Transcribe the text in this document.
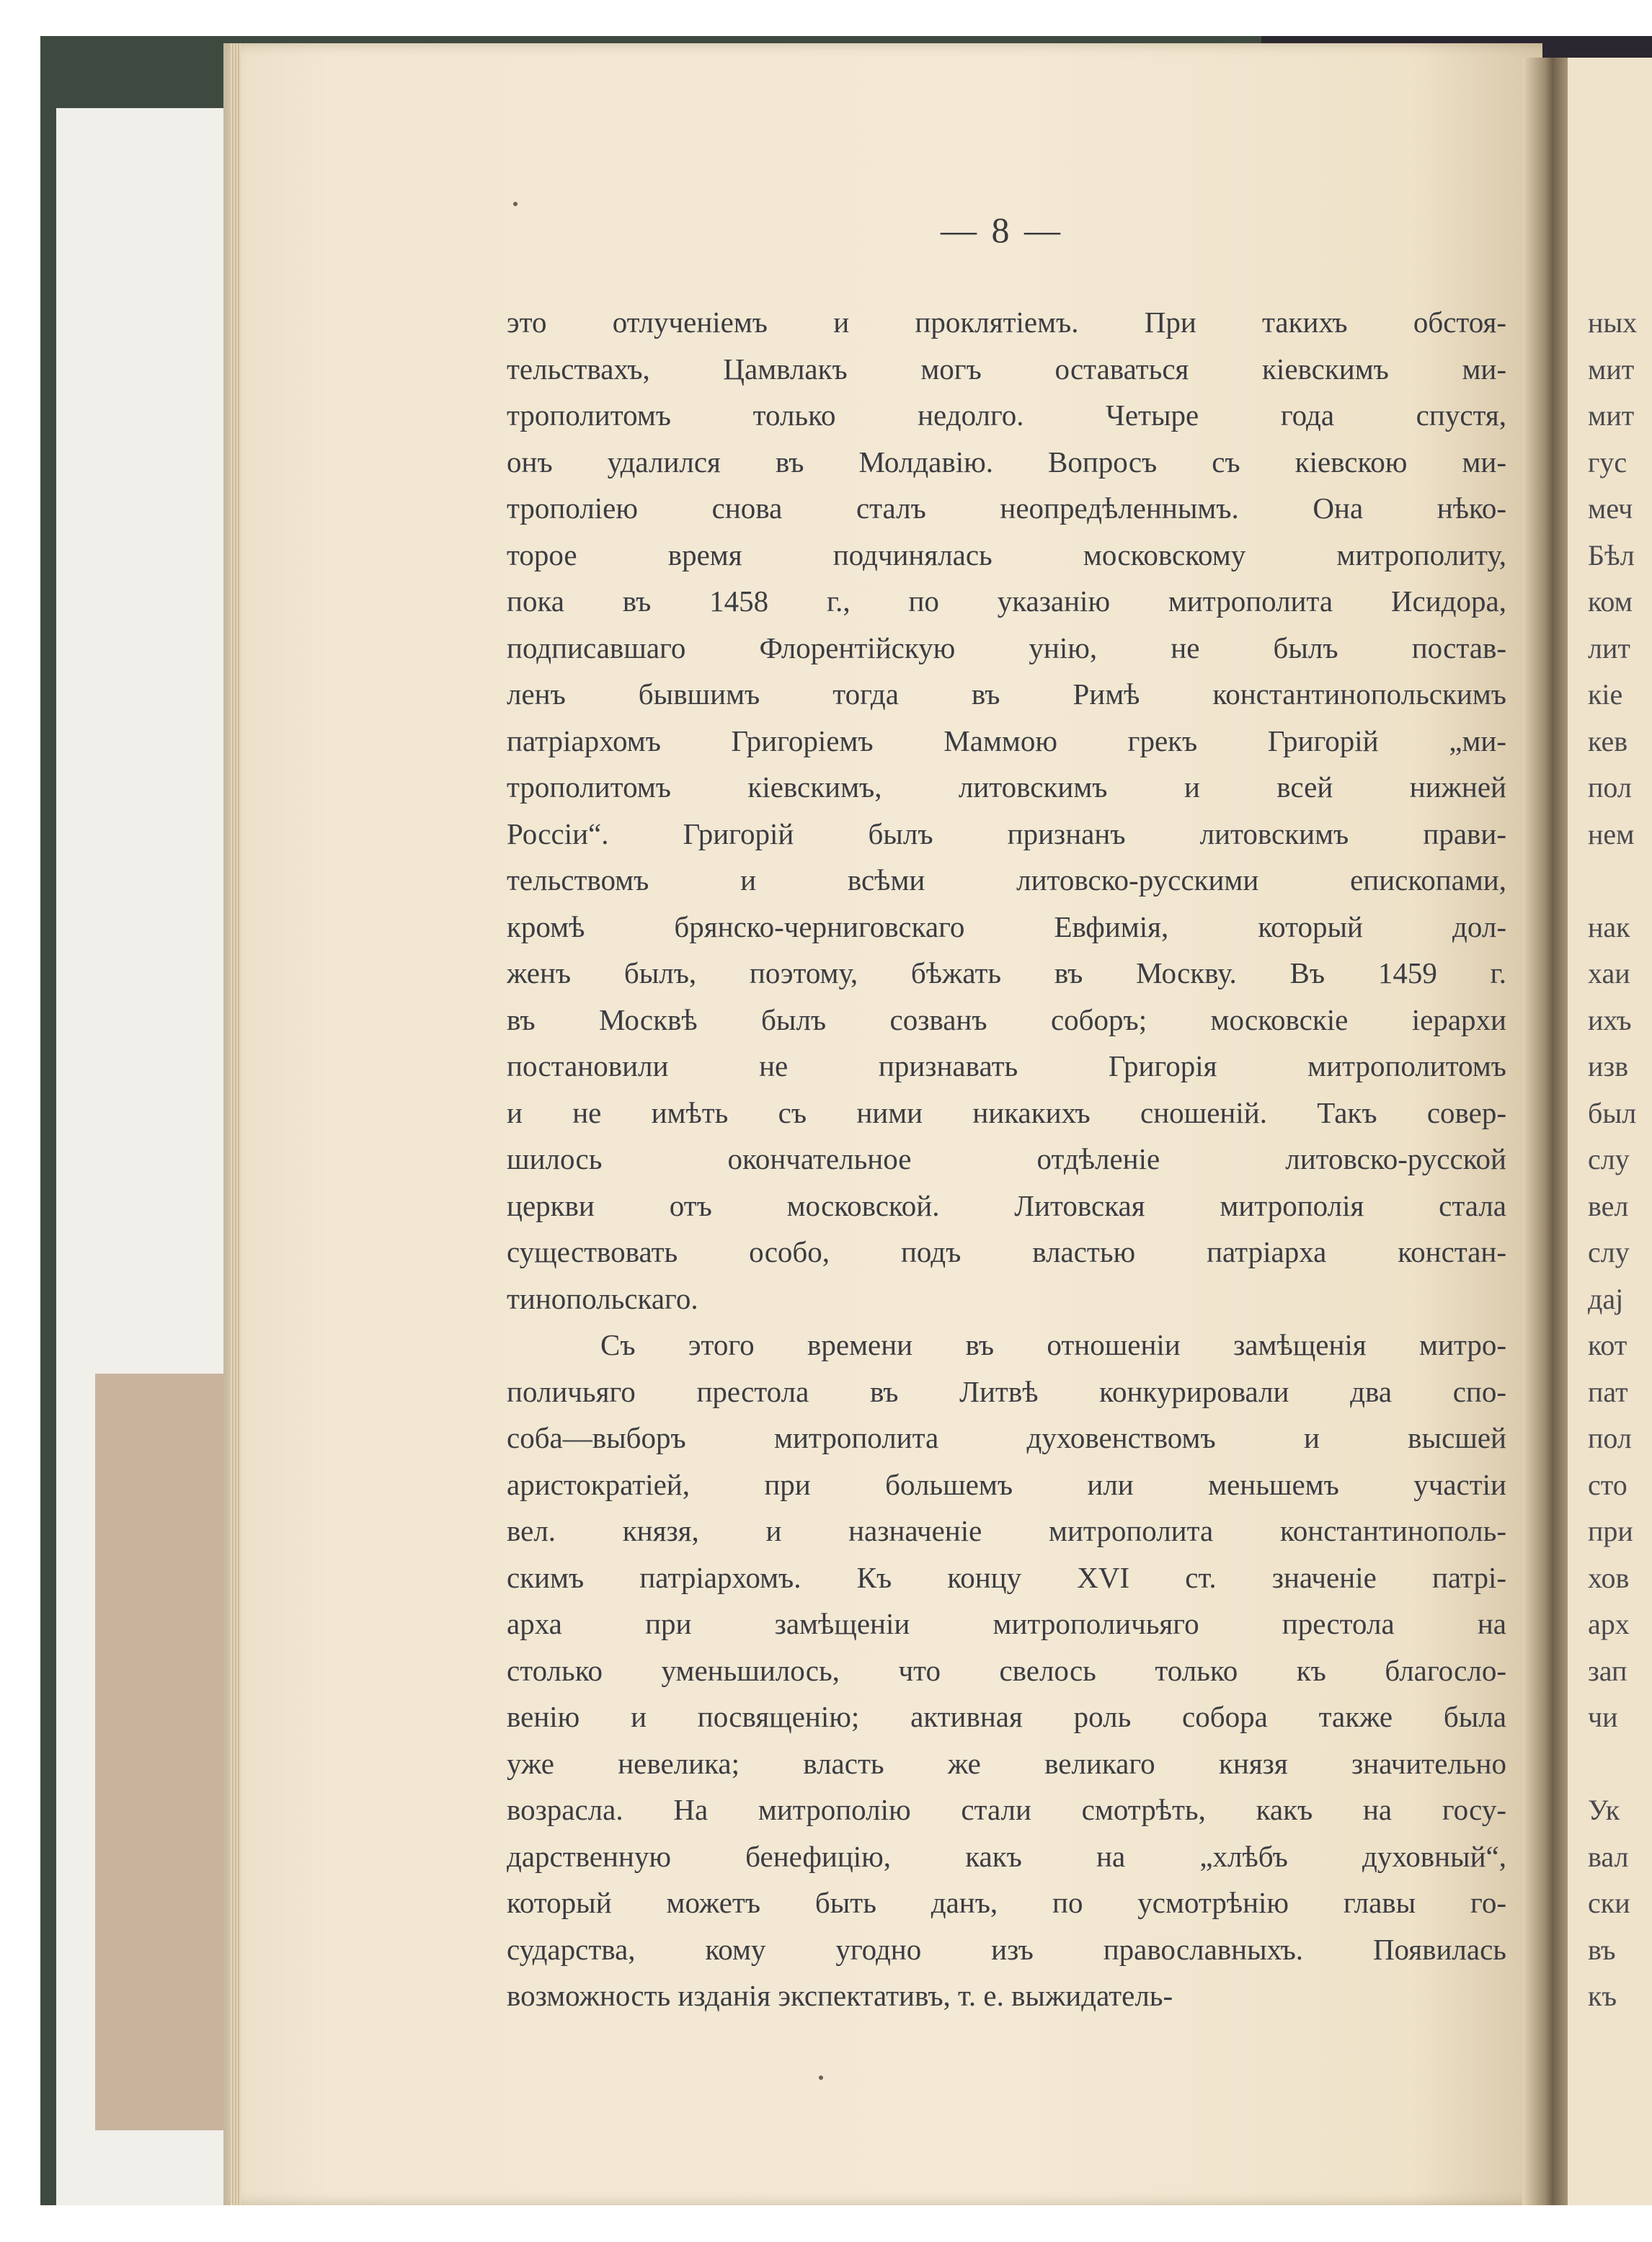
— 8 —
это отлученіемъ и проклятіемъ. При такихъ обстоя-
тельствахъ, Цамвлакъ могъ оставаться кіевскимъ ми-
трополитомъ только недолго. Четыре года спустя,
онъ удалился въ Молдавію. Вопросъ съ кіевскою ми-
трополіею снова сталъ неопредѣленнымъ. Она нѣко-
торое время подчинялась московскому митрополиту,
пока въ 1458 г., по указанію митрополита Исидора,
подписавшаго Флорентійскую унію, не былъ постав-
ленъ бывшимъ тогда въ Римѣ константинопольскимъ
патріархомъ Григоріемъ Маммою грекъ Григорій „ми-
трополитомъ кіевскимъ, литовскимъ и всей нижней
Россіи“. Григорій былъ признанъ литовскимъ прави-
тельствомъ и всѣми литовско-русскими епископами,
кромѣ брянско-черниговскаго Евфимія, который дол-
женъ былъ, поэтому, бѣжать въ Москву. Въ 1459 г.
въ Москвѣ былъ созванъ соборъ; московскіе іерархи
постановили не признавать Григорія митрополитомъ
и не имѣть съ ними никакихъ сношеній. Такъ совер-
шилось окончательное отдѣленіе литовско-русской
церкви отъ московской. Литовская митрополія стала
существовать особо, подъ властью патріарха констан-
тинопольскаго.
Съ этого времени въ отношеніи замѣщенія митро-
поличьяго престола въ Литвѣ конкурировали два спо-
соба—выборъ митрополита духовенствомъ и высшей
аристократіей, при большемъ или меньшемъ участіи
вел. князя, и назначеніе митрополита константинополь-
скимъ патріархомъ. Къ концу XVI ст. значеніе патрі-
арха при замѣщеніи митрополичьяго престола на
столько уменьшилось, что свелось только къ благосло-
венію и посвященію; активная роль собора также была
уже невелика; власть же великаго князя значительно
возрасла. На митрополію стали смотрѣть, какъ на госу-
дарственную бенефицію, какъ на „хлѣбъ духовный“,
который можетъ быть данъ, по усмотрѣнію главы го-
сударства, кому угодно изъ православныхъ. Появилась
возможность изданія экспектативъ, т. е. выжидатель-
ных
мит
мит
гус
меч
Бѣл
ком
лит
кіе
кев
пол
нем
нак
хаи
ихъ
изв
был
слу
вел
слу
дај
кот
пат
пол
сто
при
хов
арх
зап
чи
Ук
вал
ски
въ
къ
